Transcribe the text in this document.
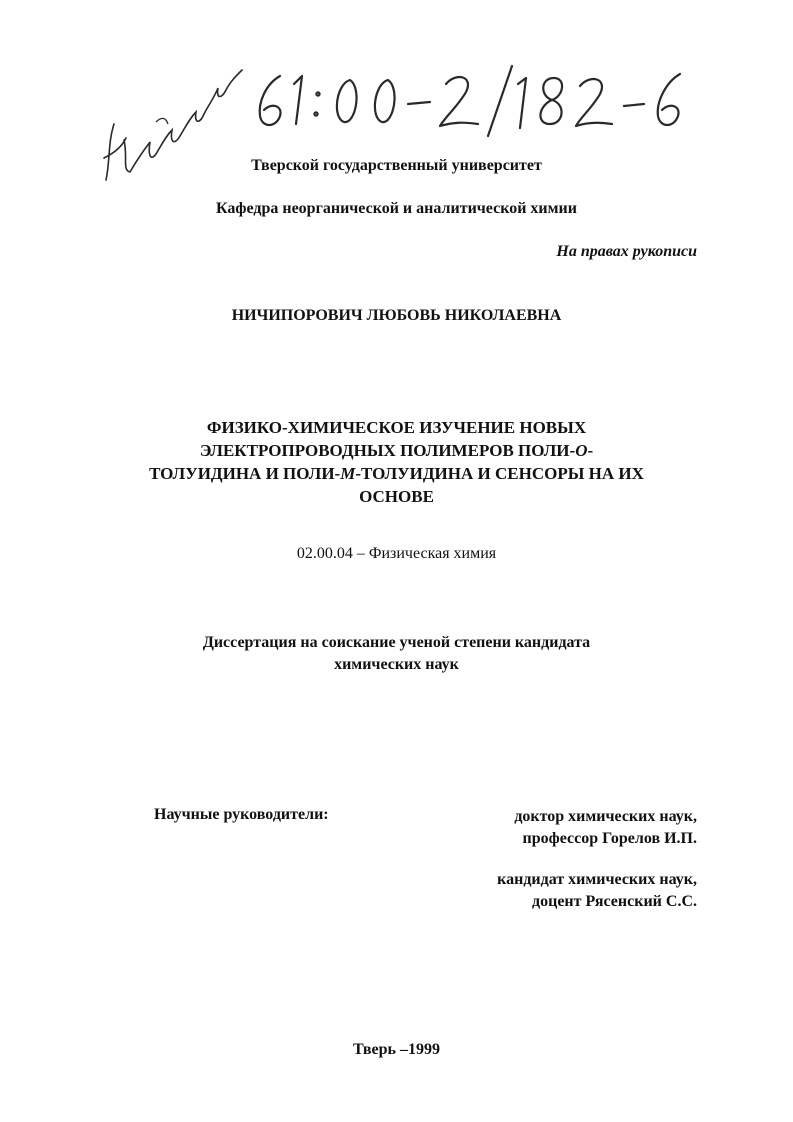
Тверской государственный университет
Кафедра неорганической и аналитической химии
На правах рукописи
НИЧИПОРОВИЧ ЛЮБОВЬ НИКОЛАЕВНА
ФИЗИКО-ХИМИЧЕСКОЕ ИЗУЧЕНИЕ НОВЫХ
ЭЛЕКТРОПРОВОДНЫХ ПОЛИМЕРОВ ПОЛИ-О-
ТОЛУИДИНА И ПОЛИ-М-ТОЛУИДИНА И СЕНСОРЫ НА ИХ
ОСНОВЕ
02.00.04 – Физическая химия
Диссертация на соискание ученой степени кандидата
химических наук
Научные руководители:	доктор химических наук,
профессор Горелов И.П.
кандидат химических наук,
доцент Рясенский С.С.
Тверь –1999
